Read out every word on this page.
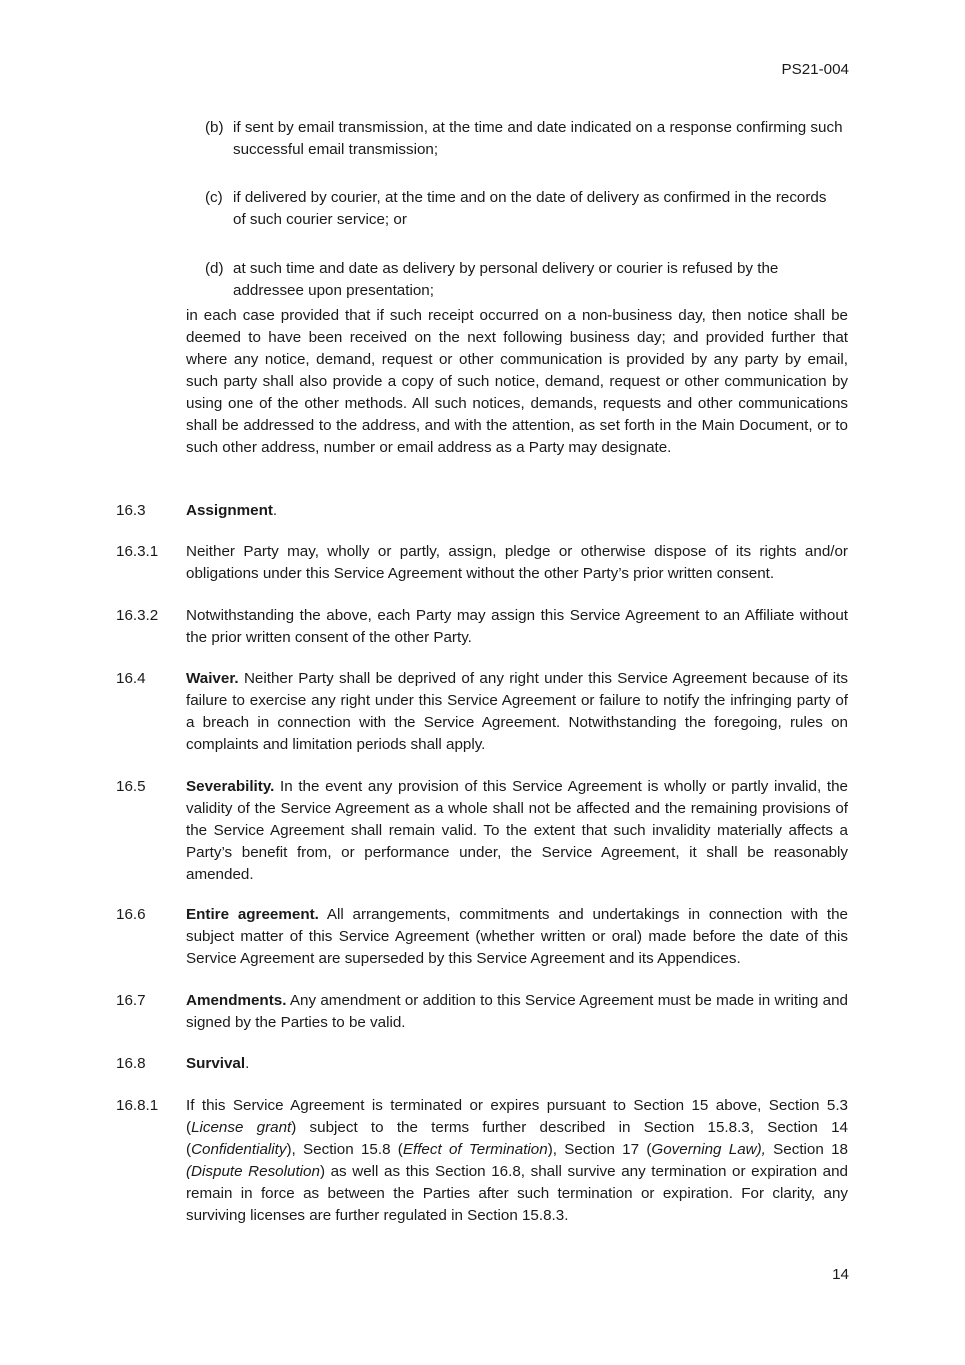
PS21-004
(b) if sent by email transmission, at the time and date indicated on a response confirming such successful email transmission;
(c) if delivered by courier, at the time and on the date of delivery as confirmed in the records of such courier service; or
(d) at such time and date as delivery by personal delivery or courier is refused by the addressee upon presentation;
in each case provided that if such receipt occurred on a non-business day, then notice shall be deemed to have been received on the next following business day; and provided further that where any notice, demand, request or other communication is provided by any party by email, such party shall also provide a copy of such notice, demand, request or other communication by using one of the other methods. All such notices, demands, requests and other communications shall be addressed to the address, and with the attention, as set forth in the Main Document, or to such other address, number or email address as a Party may designate.
16.3	Assignment.
16.3.1 Neither Party may, wholly or partly, assign, pledge or otherwise dispose of its rights and/or obligations under this Service Agreement without the other Party’s prior written consent.
16.3.2 Notwithstanding the above, each Party may assign this Service Agreement to an Affiliate without the prior written consent of the other Party.
16.4	Waiver. Neither Party shall be deprived of any right under this Service Agreement because of its failure to exercise any right under this Service Agreement or failure to notify the infringing party of a breach in connection with the Service Agreement. Notwithstanding the foregoing, rules on complaints and limitation periods shall apply.
16.5	Severability. In the event any provision of this Service Agreement is wholly or partly invalid, the validity of the Service Agreement as a whole shall not be affected and the remaining provisions of the Service Agreement shall remain valid. To the extent that such invalidity materially affects a Party’s benefit from, or performance under, the Service Agreement, it shall be reasonably amended.
16.6	Entire agreement. All arrangements, commitments and undertakings in connection with the subject matter of this Service Agreement (whether written or oral) made before the date of this Service Agreement are superseded by this Service Agreement and its Appendices.
16.7	Amendments. Any amendment or addition to this Service Agreement must be made in writing and signed by the Parties to be valid.
16.8	Survival.
16.8.1 If this Service Agreement is terminated or expires pursuant to Section 15 above, Section 5.3 (License grant) subject to the terms further described in Section 15.8.3, Section 14 (Confidentiality), Section 15.8 (Effect of Termination), Section 17 (Governing Law), Section 18 (Dispute Resolution) as well as this Section 16.8, shall survive any termination or expiration and remain in force as between the Parties after such termination or expiration. For clarity, any surviving licenses are further regulated in Section 15.8.3.
14
